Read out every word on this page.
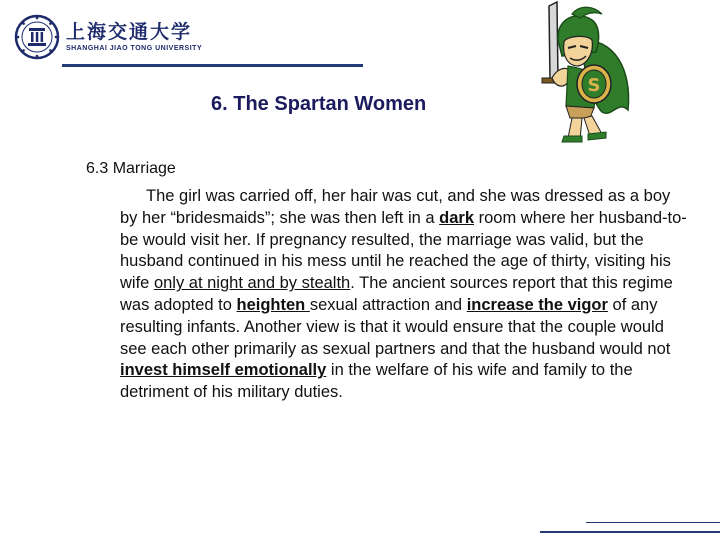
上海交通大学
SHANGHAI JIAO TONG UNIVERSITY
6. The Spartan Women
S
6.3 Marriage

The girl was carried off, her hair was cut, and she was dressed as a boy by her “bridesmaids”; she was then left in a dark room where her husband-to-be would visit her. If pregnancy resulted, the marriage was valid, but the husband continued in his mess until he reached the age of thirty, visiting his wife only at night and by stealth. The ancient sources report that this regime was adopted to heighten sexual attraction and increase the vigor of any resulting infants. Another view is that it would ensure that the couple would see each other primarily as sexual partners and that the husband would not invest himself emotionally in the welfare of his wife and family to the detriment of his military duties.
